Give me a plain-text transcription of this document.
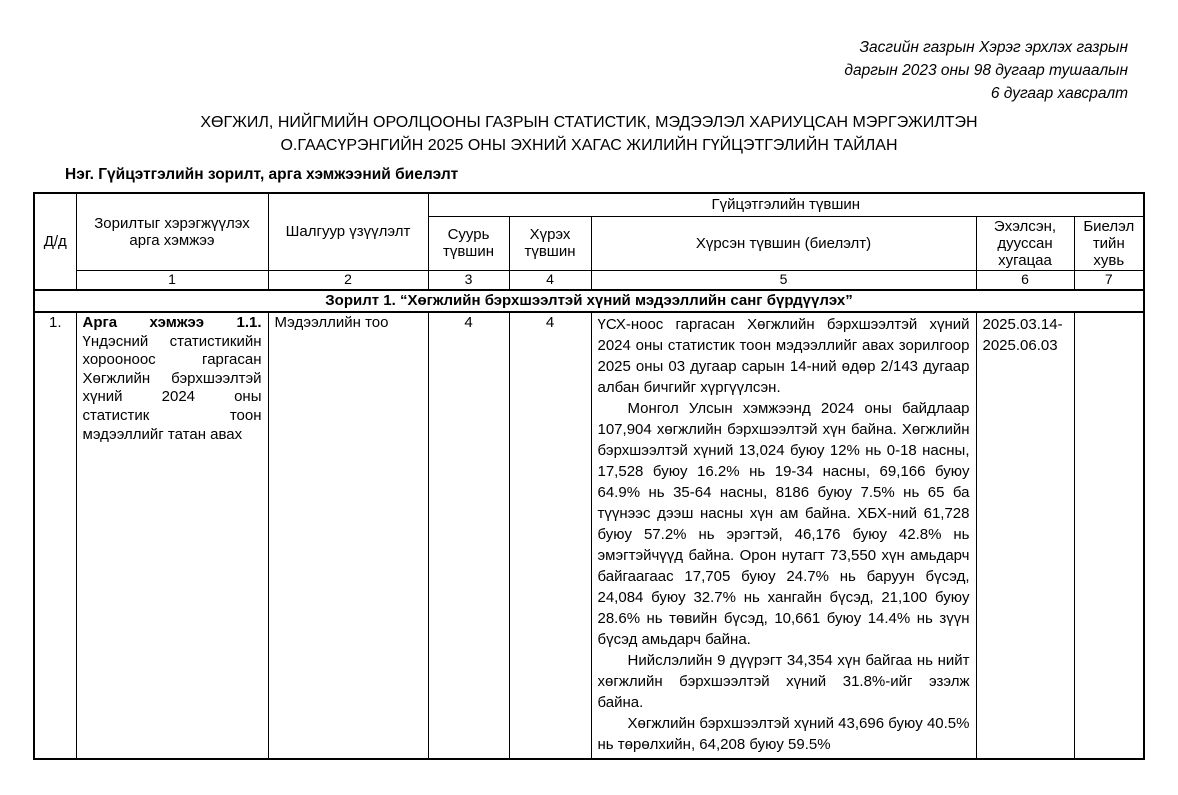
Засгийн газрын Хэрэг эрхлэх газрын
даргын 2023 оны 98 дугаар тушаалын
6 дугаар хавсралт
ХӨГЖИЛ, НИЙГМИЙН ОРОЛЦООНЫ ГАЗРЫН СТАТИСТИК, МЭДЭЭЛЭЛ ХАРИУЦСАН МЭРГЭЖИЛТЭН
О.ГААСҮРЭНГИЙН 2025 ОНЫ ЭХНИЙ ХАГАС ЖИЛИЙН ГҮЙЦЭТГЭЛИЙН ТАЙЛАН
Нэг. Гүйцэтгэлийн зорилт, арга хэмжээний биелэлт
Д/д	Зорилтыг хэрэгжүүлэх арга хэмжээ	Шалгуур үзүүлэлт	Гүйцэтгэлийн түвшин				
			Суурь түвшин	Хүрэх түвшин	Хүрсэн түвшин (биелэлт)	Эхэлсэн, дууссан хугацаа	Биелэлтийн хувь
	1	2	3	4	5	6	7
Зорилт 1. “Хөгжлийн бэрхшээлтэй хүний мэдээллийн санг бүрдүүлэх”							
1.	Арга хэмжээ 1.1. Үндэсний статистикийн хорооноос гаргасан Хөгжлийн бэрхшээлтэй хүний 2024 оны статистик тоон мэдээллийг татан авах	Мэдээллийн тоо	4	4	ҮСХ-ноос гаргасан Хөгжлийн бэрхшээлтэй хүний 2024 оны статистик тоон мэдээллийг авах зорилгоор 2025 оны 03 дугаар сарын 14-ний өдөр 2/143 дугаар албан бичгийг хүргүүлсэн.

Монгол Улсын хэмжээнд 2024 оны байдлаар 107,904 хөгжлийн бэрхшээлтэй хүн байна. Хөгжлийн бэрхшээлтэй хүний 13,024 буюу 12% нь 0-18 насны, 17,528 буюу 16.2% нь 19-34 насны, 69,166 буюу 64.9% нь 35-64 насны, 8186 буюу 7.5% нь 65 ба түүнээс дээш насны хүн ам байна. ХБХ-ний 61,728 буюу 57.2% нь эрэгтэй, 46,176 буюу 42.8% нь эмэгтэйчүүд байна. Орон нутагт 73,550 хүн амьдарч байгаагаас 17,705 буюу 24.7% нь баруун бүсэд, 24,084 буюу 32.7% нь хангайн бүсэд, 21,100 буюу 28.6% нь төвийн бүсэд, 10,661 буюу 14.4% нь зүүн бүсэд амьдарч байна.

Нийслэлийн 9 дүүрэгт 34,354 хүн байгаа нь нийт хөгжлийн бэрхшээлтэй хүний 31.8%-ийг эзэлж байна.

Хөгжлийн бэрхшээлтэй хүний 43,696 буюу 40.5% нь төрөлхийн, 64,208 буюу 59.5%	2025.03.14-2025.06.03	
